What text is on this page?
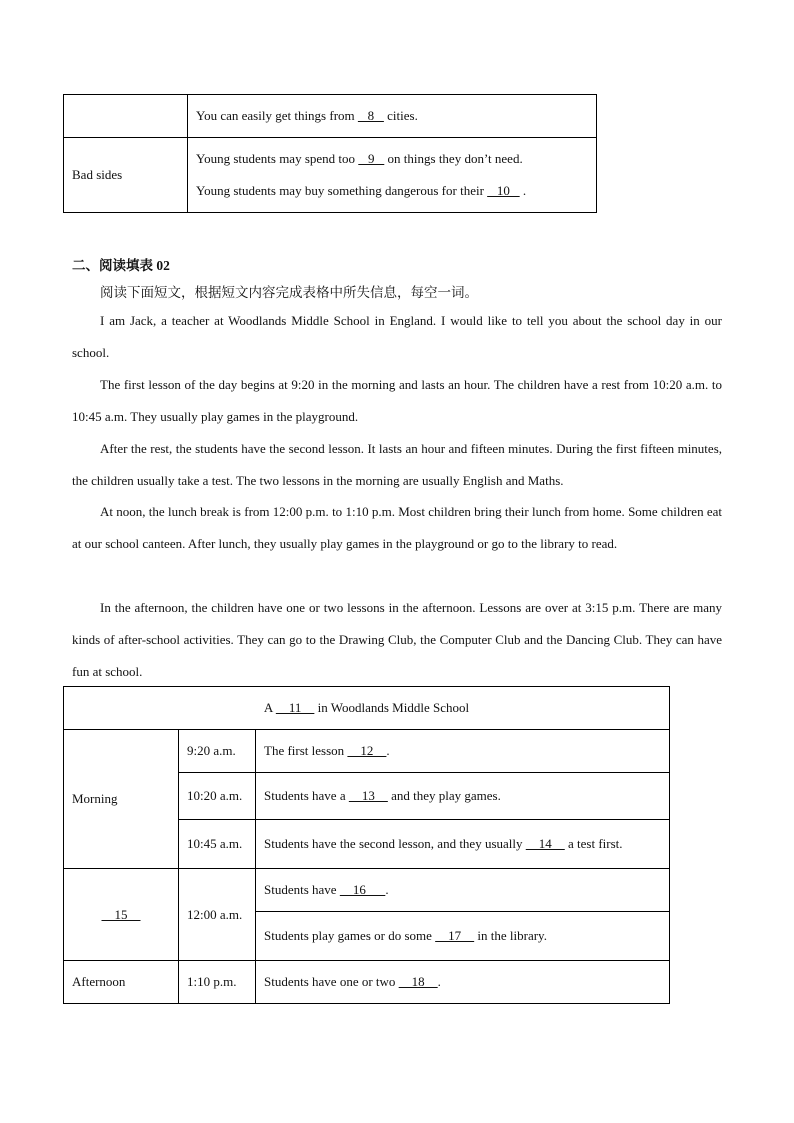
	You can easily get things from    8    cities.
Bad sides	Young students may spend too    9    on things they don’t need.
Young students may buy something dangerous for their    10    .
二、阅读填表 02
阅读下面短文，根据短文内容完成表格中所失信息，每空一词。

I am Jack, a teacher at Woodlands Middle School in England. I would like to tell you about the school day in our school.

The first lesson of the day begins at 9:20 in the morning and lasts an hour. The children have a rest from 10:20 a.m. to 10:45 a.m. They usually play games in the playground.

After the rest, the students have the second lesson. It lasts an hour and fifteen minutes. During the first fifteen minutes, the children usually take a test. The two lessons in the morning are usually English and Maths.

At noon, the lunch break is from 12:00 p.m. to 1:10 p.m. Most children bring their lunch from home. Some children eat at our school canteen. After lunch, they usually play games in the playground or go to the library to read.

In the afternoon, the children have one or two lessons in the afternoon. Lessons are over at 3:15 p.m. There are many kinds of after-school activities. They can go to the Drawing Club, the Computer Club and the Dancing Club. They can have fun at school.

A     11     in Woodlands Middle School		
Morning	9:20 a.m.	The first lesson     12    .
	10:20 a.m.	Students have a     13     and they play games.
	10:45 a.m.	Students have the second lesson, and they usually     14     a test first.
15	12:00 a.m.	Students have     16      .
		Students play games or do some     17     in the library.
Afternoon	1:10 p.m.	Students have one or two     18    .
